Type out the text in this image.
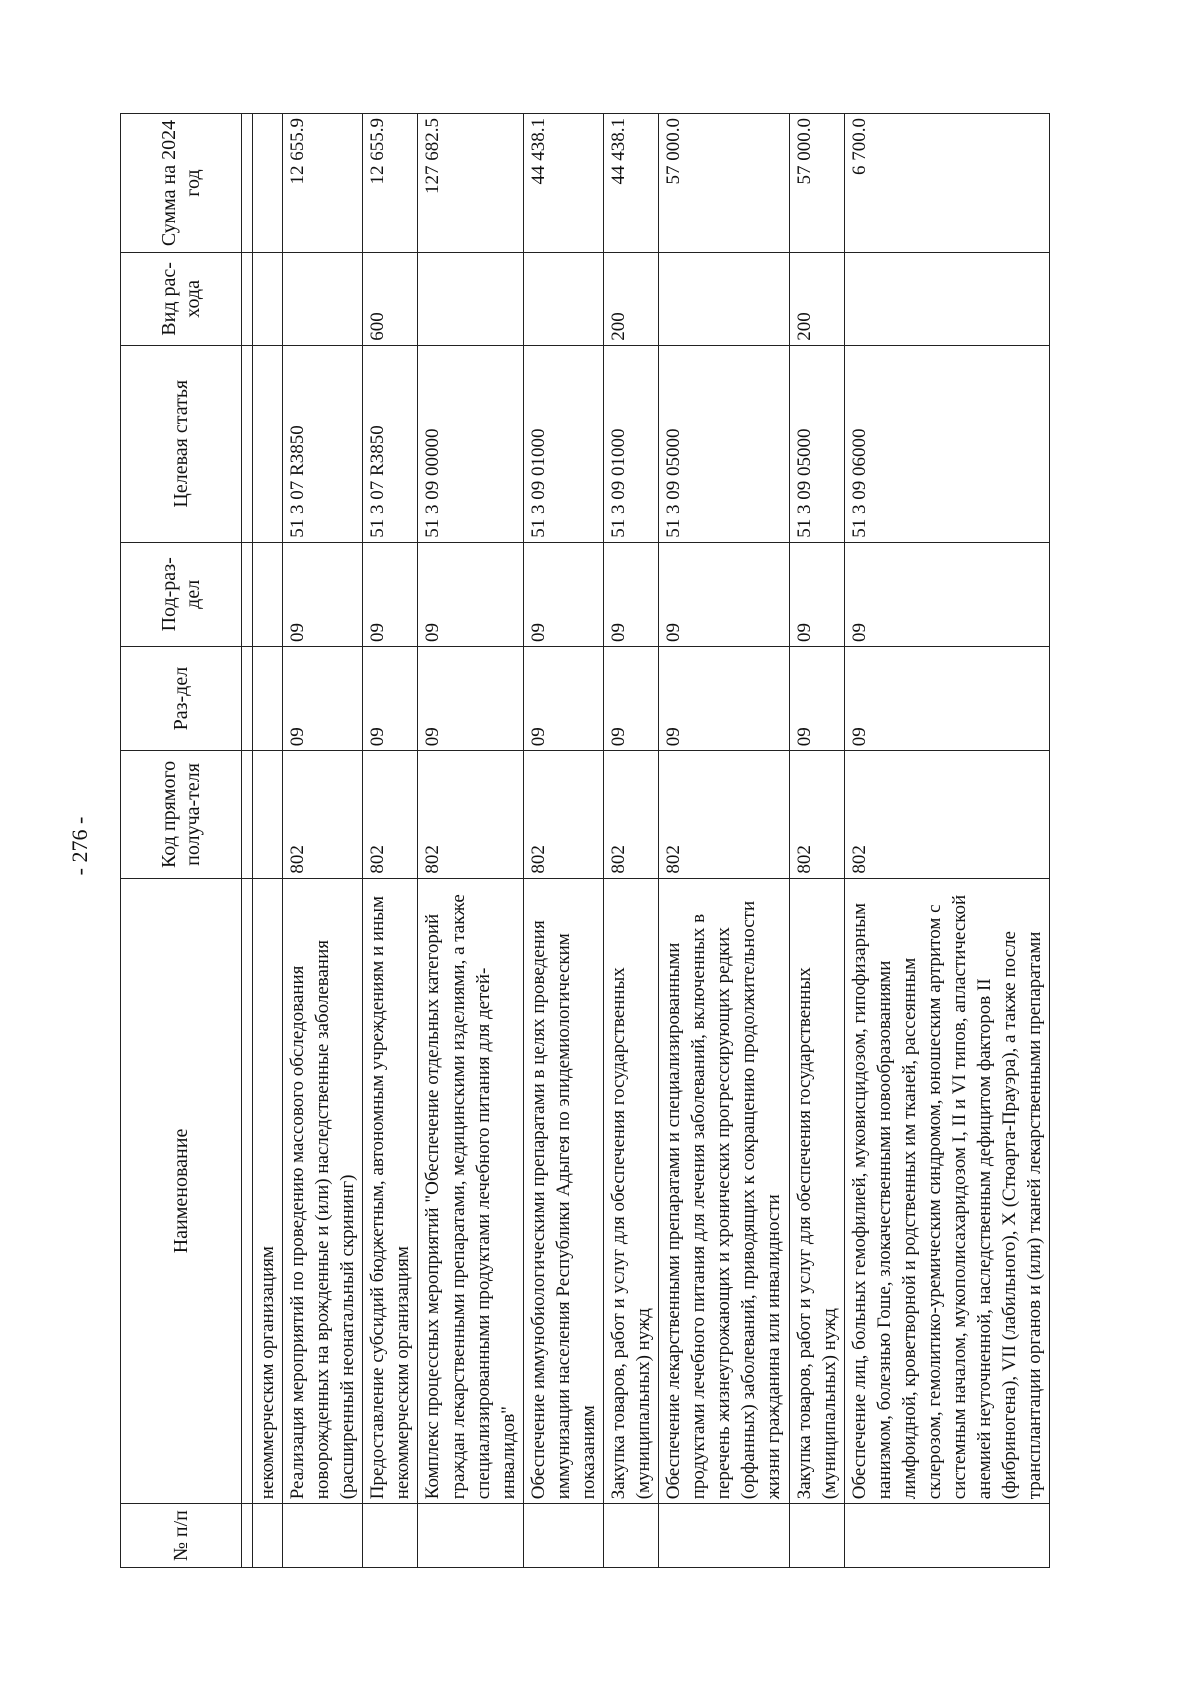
- 276 -
№ п/п	Наименование	Код прямого получа-теля	Раз-дел	Под-раз-дел	Целевая статья	Вид рас-хода	Сумма на 2024 год

	некоммерческим организациям						
	Реализация мероприятий по проведению массового обследования новорожденных на врожденные и (или) наследственные заболевания (расширенный неонатальный скрининг)	802	09	09	51 3 07 R3850		12 655.9
	Предоставление субсидий бюджетным, автономным учреждениям и иным некоммерческим организациям	802	09	09	51 3 07 R3850	600	12 655.9
	Комплекс процессных мероприятий "Обеспечение отдельных категорий граждан лекарственными препаратами, медицинскими изделиями, а также специализированными продуктами лечебного питания для детей-инвалидов"	802	09	09	51 3 09 00000		127 682.5
	Обеспечение иммунобиологическими препаратами в целях проведения иммунизации населения Республики Адыгея по эпидемиологическим показаниям	802	09	09	51 3 09 01000		44 438.1
	Закупка товаров, работ и услуг для обеспечения государственных (муниципальных) нужд	802	09	09	51 3 09 01000	200	44 438.1
	Обеспечение лекарственными препаратами и специализированными продуктами лечебного питания для лечения заболеваний, включенных в перечень жизнеугрожающих и хронических прогрессирующих редких (орфанных) заболеваний, приводящих к сокращению продолжительности жизни гражданина или инвалидности	802	09	09	51 3 09 05000		57 000.0
	Закупка товаров, работ и услуг для обеспечения государственных (муниципальных) нужд	802	09	09	51 3 09 05000	200	57 000.0
	Обеспечение лиц, больных гемофилией, муковисцидозом, гипофизарным нанизмом, болезнью Гоше, злокачественными новообразованиями лимфоидной, кроветворной и родственных им тканей, рассеянным склерозом, гемолитико-уремическим синдромом, юношеским артритом с системным началом, мукополисахаридозом I, II и VI типов, апластической анемией неуточненной, наследственным дефицитом факторов II (фибриногена), VII (лабильного), X (Стюарта-Прауэра), а также после трансплантации органов и (или) тканей лекарственными препаратами	802	09	09	51 3 09 06000		6 700.0
